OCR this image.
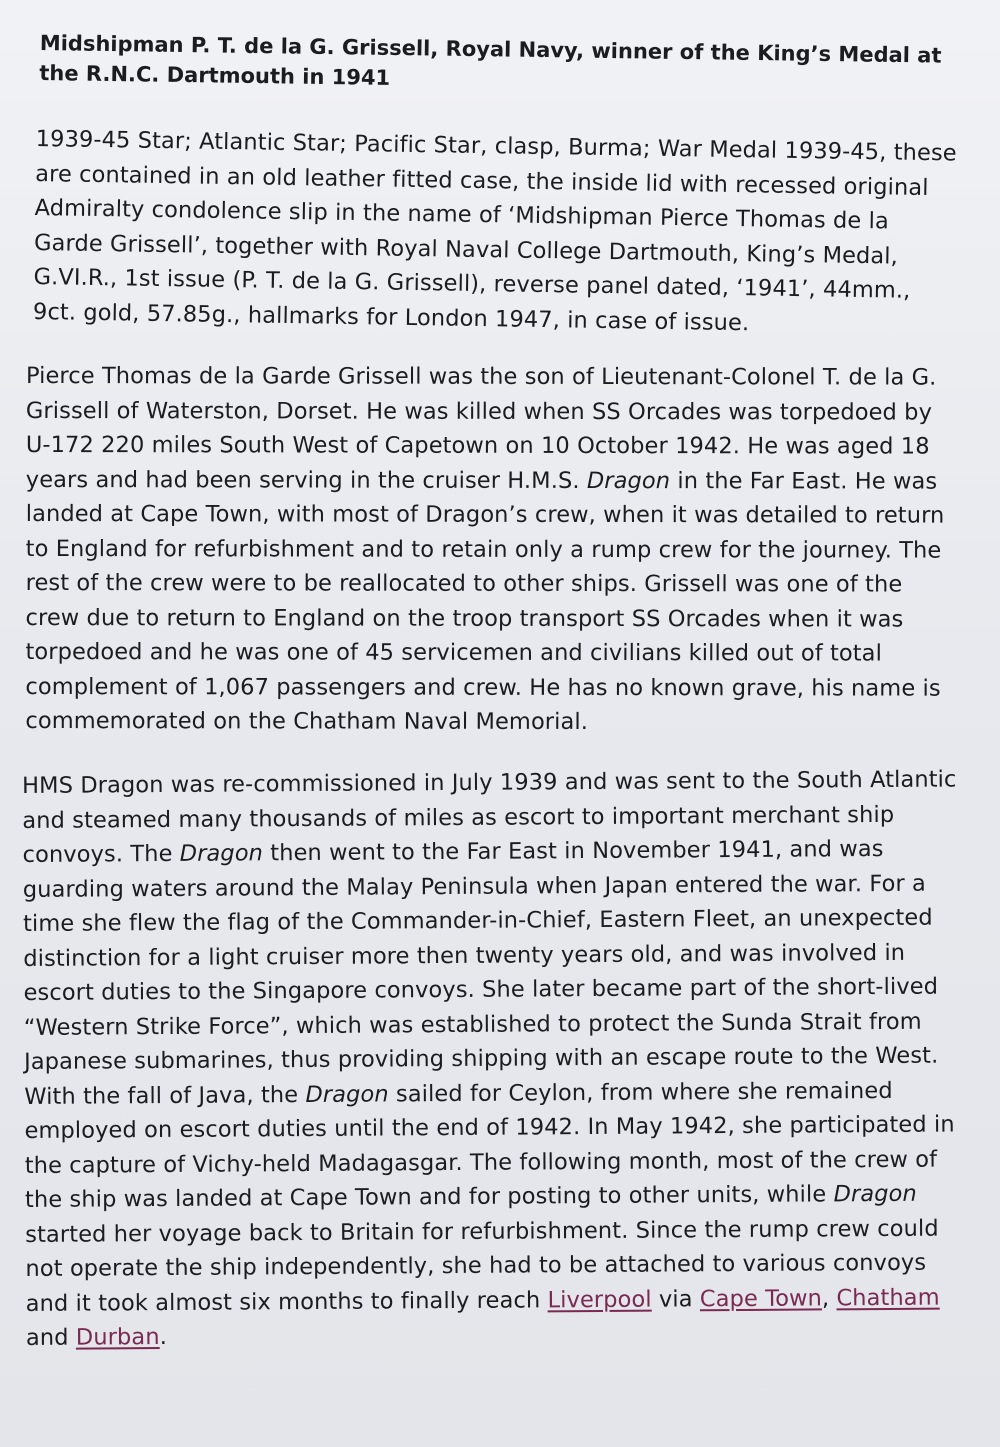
Midshipman P. T. de la G. Grissell, Royal Navy, winner of the King’s Medal at the R.N.C. Dartmouth in 1941

1939-45 Star; Atlantic Star; Pacific Star, clasp, Burma; War Medal 1939-45, these are contained in an old leather fitted case, the inside lid with recessed original Admiralty condolence slip in the name of ‘Midshipman Pierce Thomas de la Garde Grissell’, together with Royal Naval College Dartmouth, King’s Medal, G.VI.R., 1st issue (P. T. de la G. Grissell), reverse panel dated, ‘1941’, 44mm., 9ct. gold, 57.85g., hallmarks for London 1947, in case of issue.

Pierce Thomas de la Garde Grissell was the son of Lieutenant-Colonel T. de la G. Grissell of Waterston, Dorset. He was killed when SS Orcades was torpedoed by U-172 220 miles South West of Capetown on 10 October 1942. He was aged 18 years and had been serving in the cruiser H.M.S. Dragon in the Far East. He was landed at Cape Town, with most of Dragon’s crew, when it was detailed to return to England for refurbishment and to retain only a rump crew for the journey. The rest of the crew were to be reallocated to other ships. Grissell was one of the crew due to return to England on the troop transport SS Orcades when it was torpedoed and he was one of 45 servicemen and civilians killed out of total complement of 1,067 passengers and crew. He has no known grave, his name is commemorated on the Chatham Naval Memorial.

HMS Dragon was re-commissioned in July 1939 and was sent to the South Atlantic and steamed many thousands of miles as escort to important merchant ship convoys. The Dragon then went to the Far East in November 1941, and was guarding waters around the Malay Peninsula when Japan entered the war. For a time she flew the flag of the Commander-in-Chief, Eastern Fleet, an unexpected distinction for a light cruiser more then twenty years old, and was involved in escort duties to the Singapore convoys. She later became part of the short-lived “Western Strike Force”, which was established to protect the Sunda Strait from Japanese submarines, thus providing shipping with an escape route to the West. With the fall of Java, the Dragon sailed for Ceylon, from where she remained employed on escort duties until the end of 1942. In May 1942, she participated in the capture of Vichy-held Madagasgar. The following month, most of the crew of the ship was landed at Cape Town and for posting to other units, while Dragon started her voyage back to Britain for refurbishment. Since the rump crew could not operate the ship independently, she had to be attached to various convoys and it took almost six months to finally reach Liverpool via Cape Town, Chatham and Durban.
